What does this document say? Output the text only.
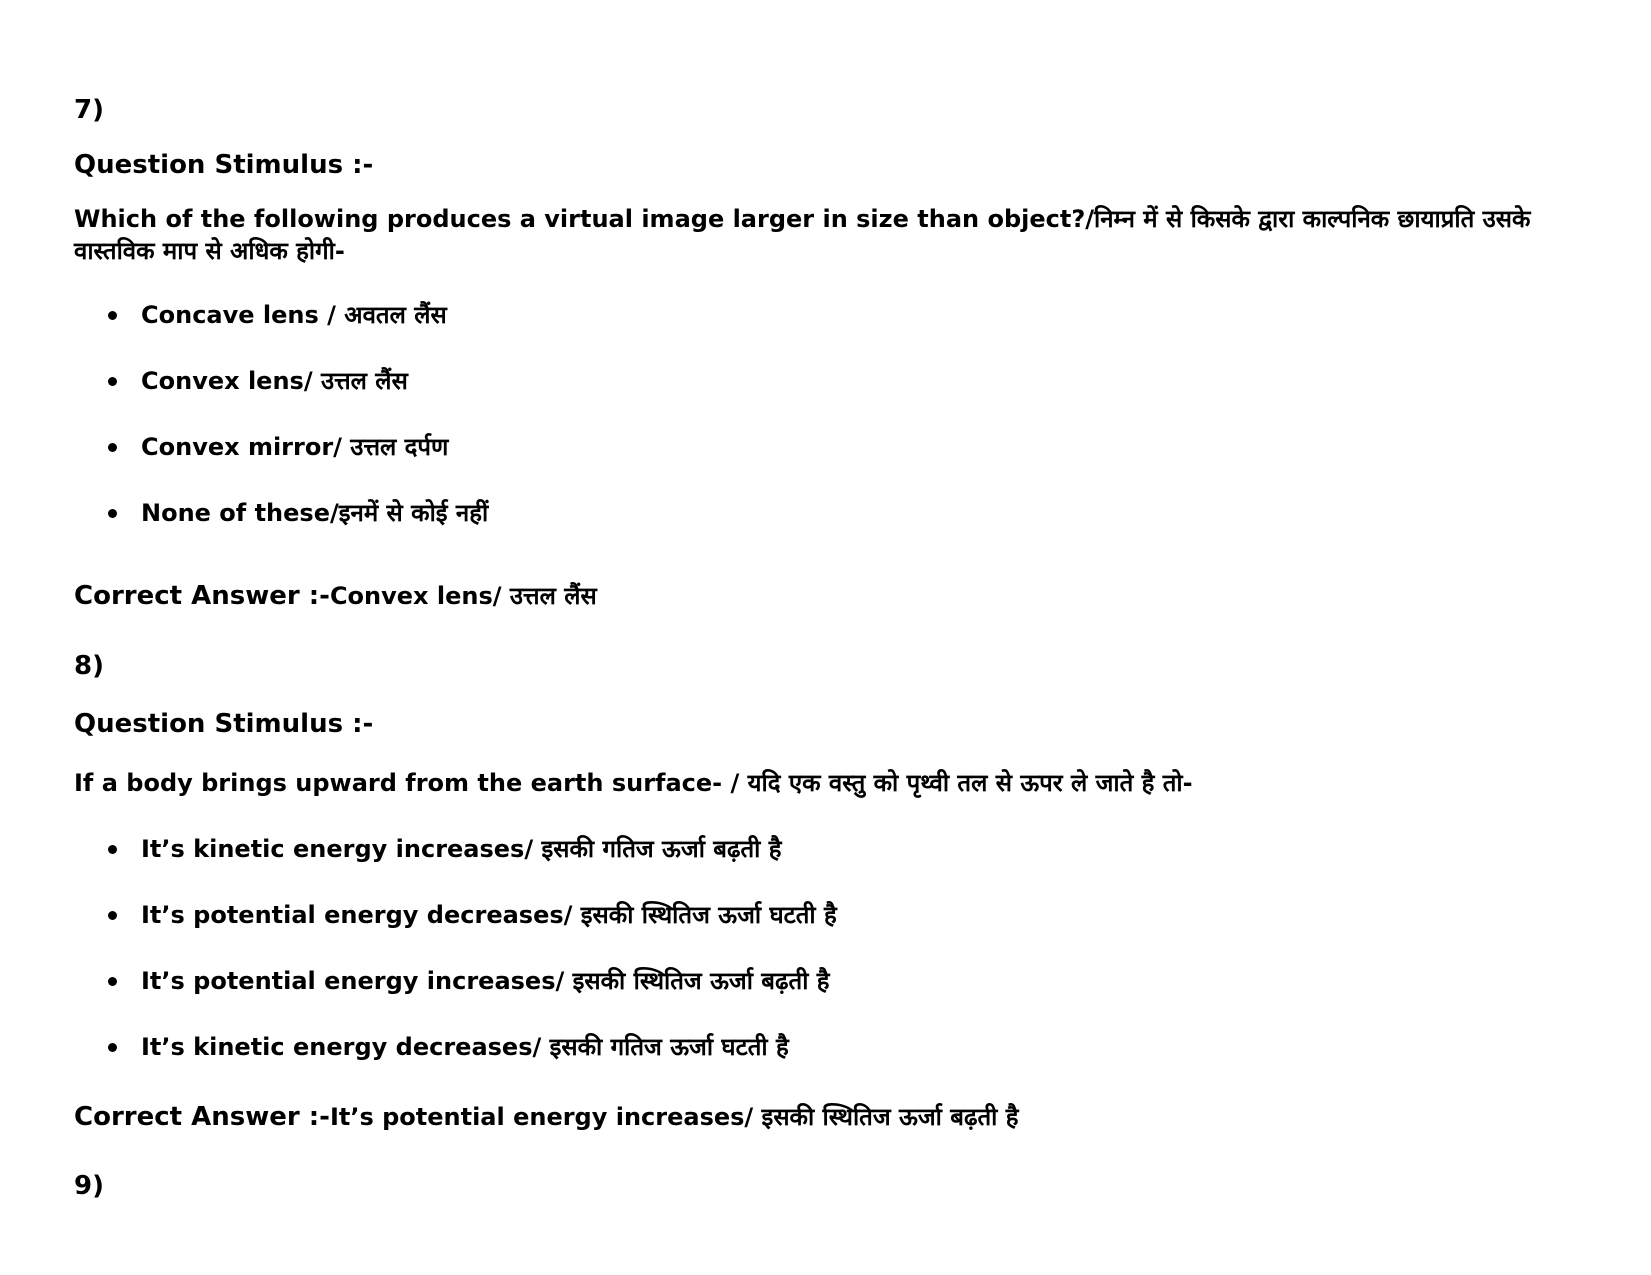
7)
Question Stimulus :-
Which of the following produces a virtual image larger in size than object?/निम्न में से किसके द्वारा काल्पनिक छायाप्रति उसके वास्तविक माप से अधिक होगी-
Concave lens / अवतल लैंस
Convex lens/ उत्तल लैंस
Convex mirror/ उत्तल दर्पण
None of these/इनमें से कोई नहीं
Correct Answer :-Convex lens/ उत्तल लैंस
8)
Question Stimulus :-
If a body brings upward from the earth surface- / यदि एक वस्तु को पृथ्वी तल से ऊपर ले जाते है तो-
It’s kinetic energy increases/ इसकी गतिज ऊर्जा बढ़ती है
It’s potential energy decreases/ इसकी स्थितिज ऊर्जा घटती है
It’s potential energy increases/ इसकी स्थितिज ऊर्जा बढ़ती है
It’s kinetic energy decreases/ इसकी गतिज ऊर्जा घटती है
Correct Answer :-It’s potential energy increases/ इसकी स्थितिज ऊर्जा बढ़ती है
9)
